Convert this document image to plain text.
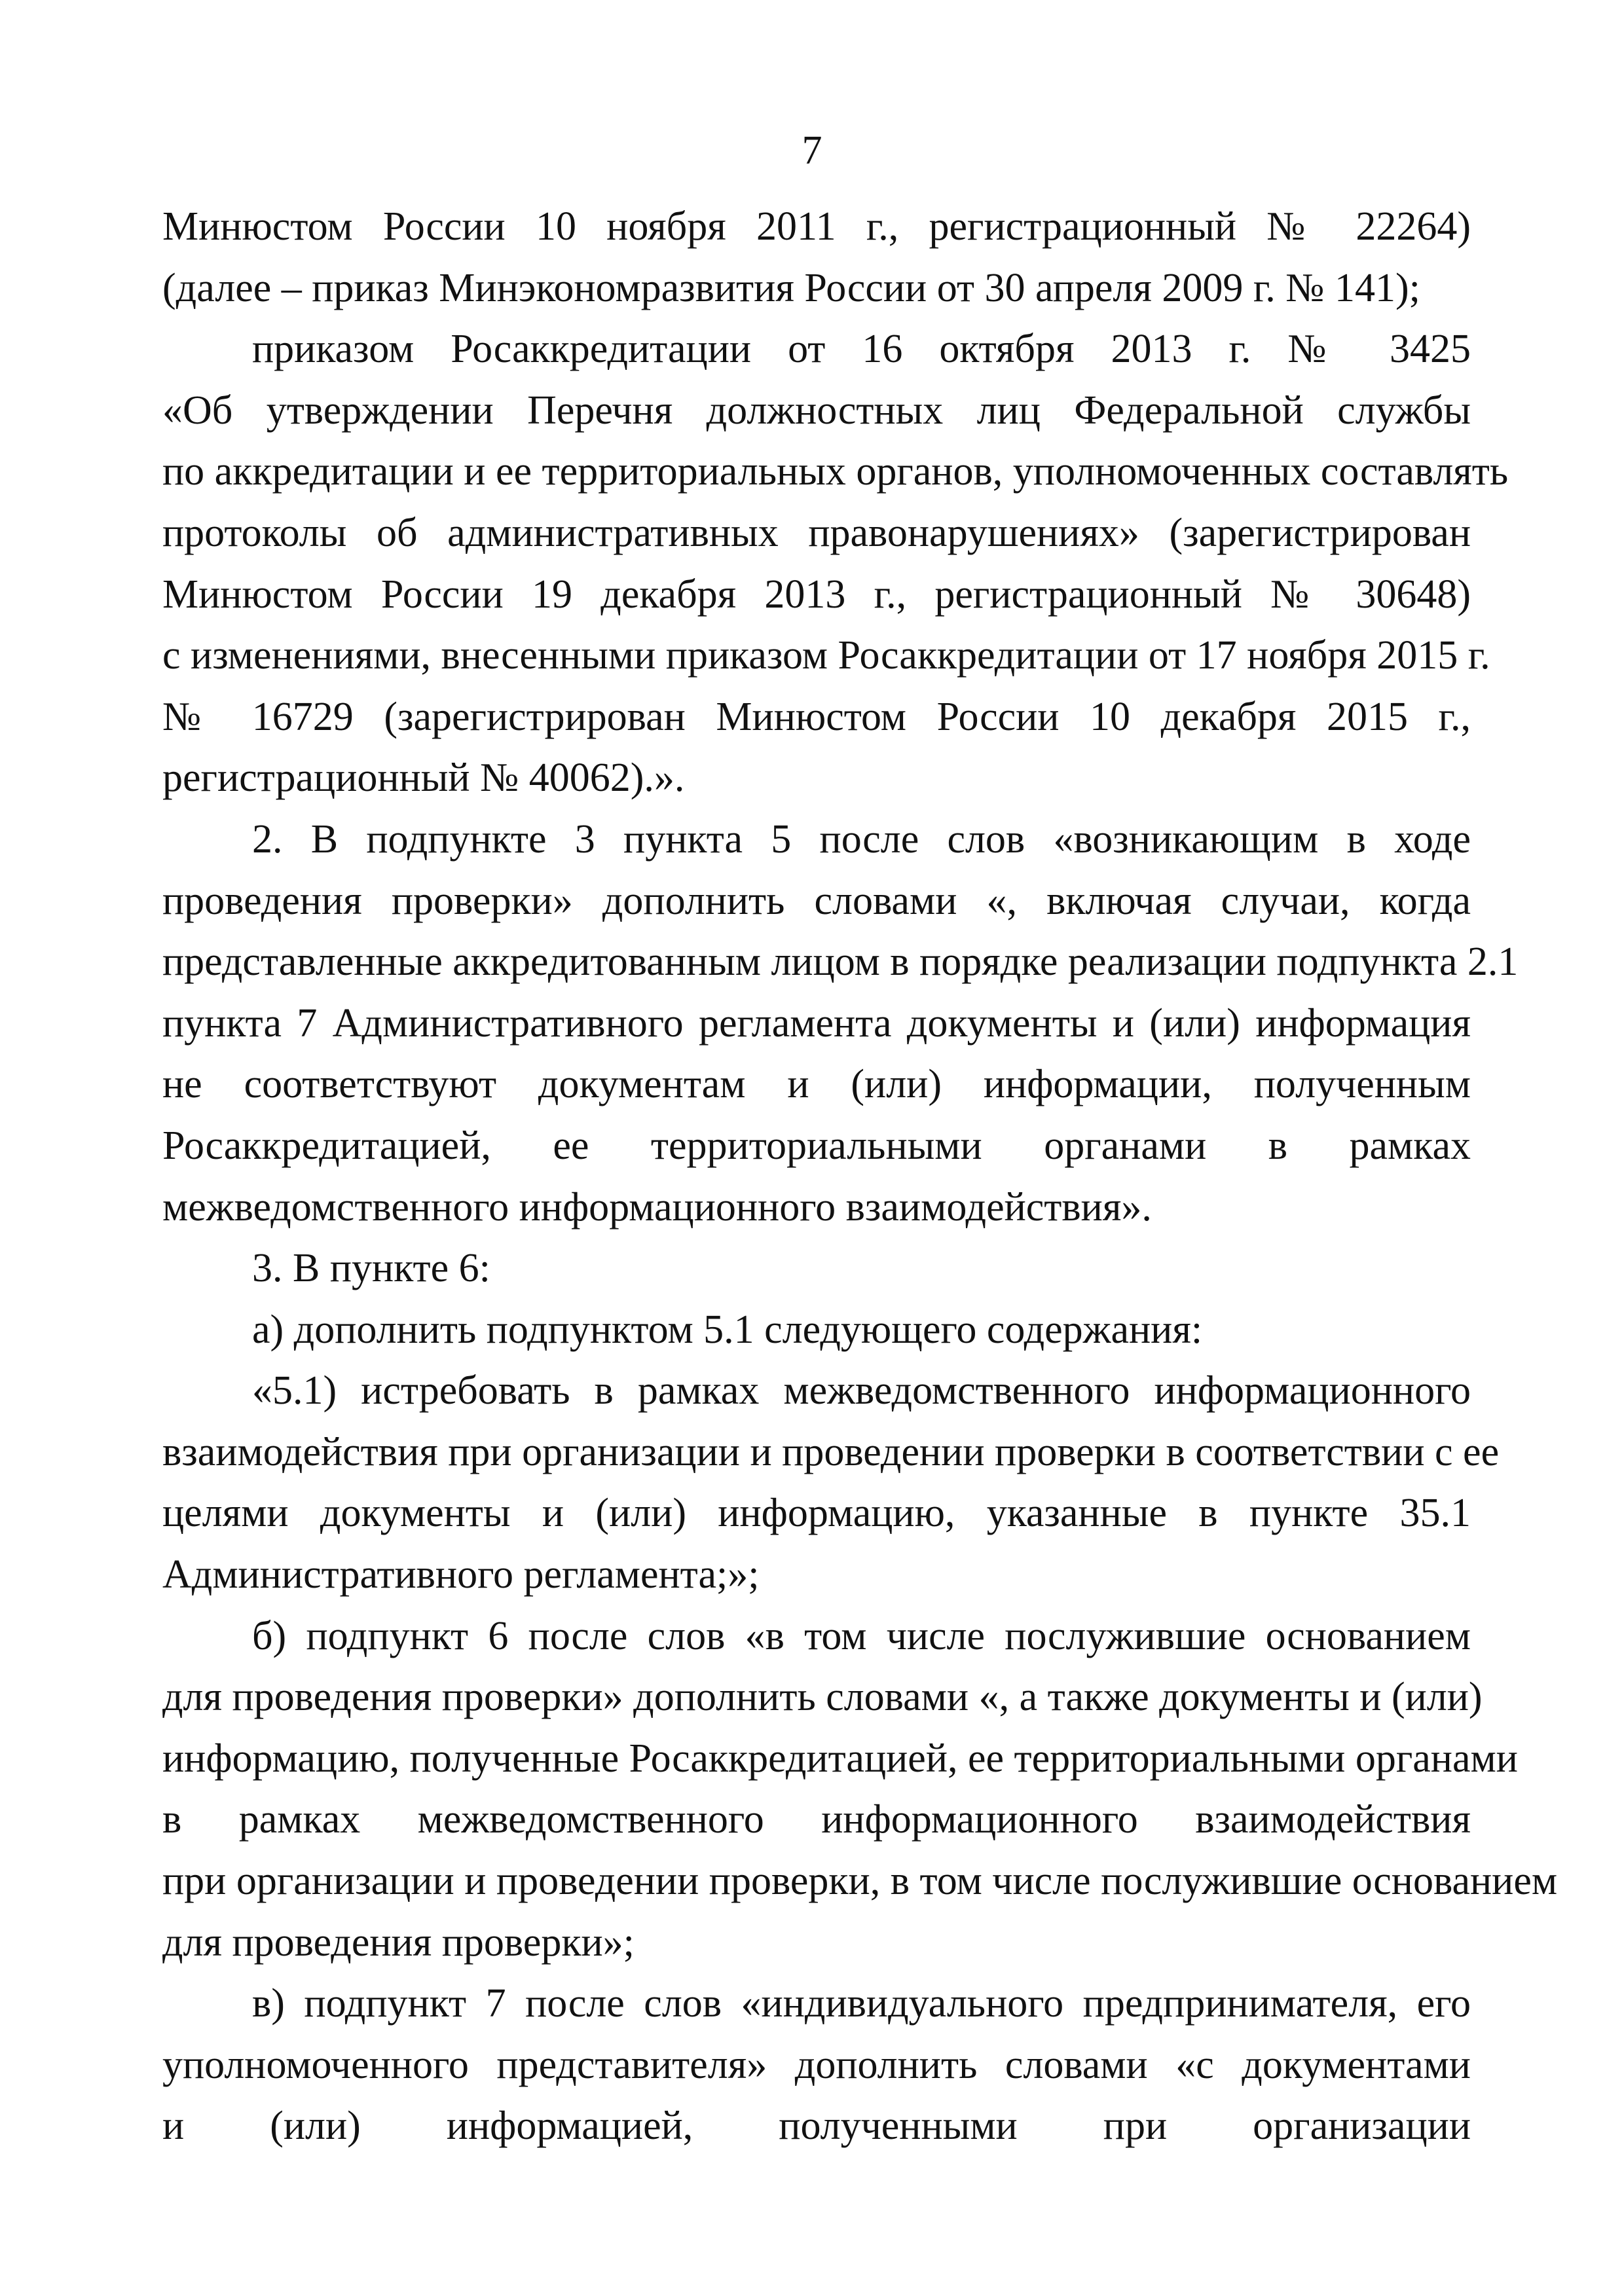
7
Минюстом России 10 ноября 2011 г., регистрационный № 22264)
(далее – приказ Минэкономразвития России от 30 апреля 2009 г. № 141);
приказом Росаккредитации от 16 октября 2013 г. № 3425
«Об утверждении Перечня должностных лиц Федеральной службы
по аккредитации и ее территориальных органов, уполномоченных составлять
протоколы об административных правонарушениях» (зарегистрирован
Минюстом России 19 декабря 2013 г., регистрационный № 30648)
с изменениями, внесенными приказом Росаккредитации от 17 ноября 2015 г.
№ 16729 (зарегистрирован Минюстом России 10 декабря 2015 г.,
регистрационный № 40062).».
2. В подпункте 3 пункта 5 после слов «возникающим в ходе
проведения проверки» дополнить словами «, включая случаи, когда
представленные аккредитованным лицом в порядке реализации подпункта 2.1
пункта 7 Административного регламента документы и (или) информация
не соответствуют документам и (или) информации, полученным
Росаккредитацией, ее территориальными органами в рамках
межведомственного информационного взаимодействия».
3. В пункте 6:
а) дополнить подпунктом 5.1 следующего содержания:
«5.1) истребовать в рамках межведомственного информационного
взаимодействия при организации и проведении проверки в соответствии с ее
целями документы и (или) информацию, указанные в пункте 35.1
Административного регламента;»;
б) подпункт 6 после слов «в том числе послужившие основанием
для проведения проверки» дополнить словами «, а также документы и (или)
информацию, полученные Росаккредитацией, ее территориальными органами
в рамках межведомственного информационного взаимодействия
при организации и проведении проверки, в том числе послужившие основанием
для проведения проверки»;
в) подпункт 7 после слов «индивидуального предпринимателя, его
уполномоченного представителя» дополнить словами «с документами
и (или) информацией, полученными при организации
